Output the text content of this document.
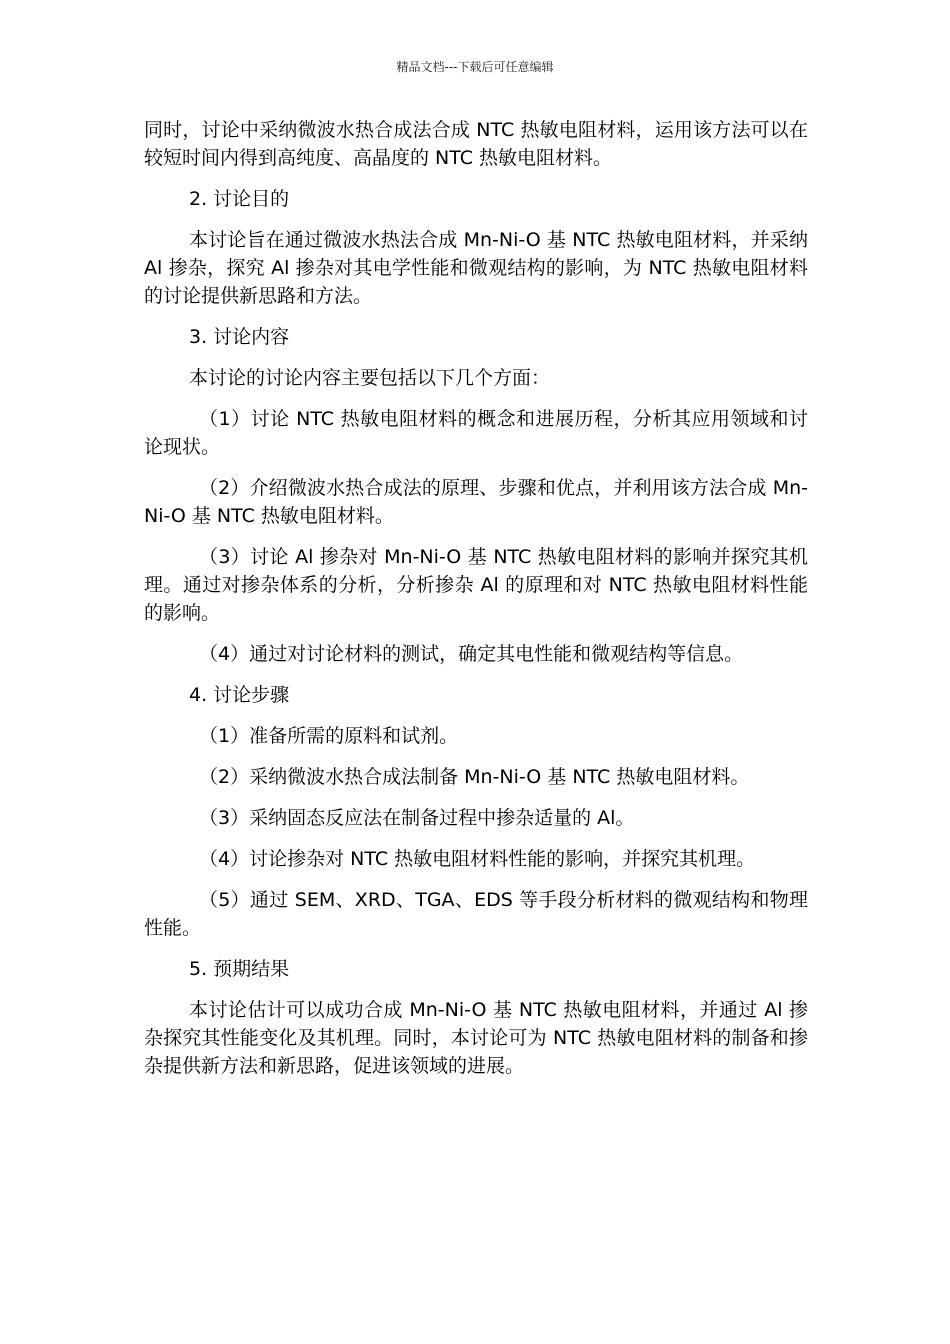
精品文档---下载后可任意编辑

同时，讨论中采纳微波水热合成法合成 NTC 热敏电阻材料，运用该方法可以在较短时间内得到高纯度、高晶度的 NTC 热敏电阻材料。

2. 讨论目的

本讨论旨在通过微波水热法合成 Mn-Ni-O 基 NTC 热敏电阻材料，并采纳 Al 掺杂，探究 Al 掺杂对其电学性能和微观结构的影响，为 NTC 热敏电阻材料的讨论提供新思路和方法。

3. 讨论内容

本讨论的讨论内容主要包括以下几个方面：

（1）讨论 NTC 热敏电阻材料的概念和进展历程，分析其应用领域和讨论现状。

（2）介绍微波水热合成法的原理、步骤和优点，并利用该方法合成 Mn-Ni-O 基 NTC 热敏电阻材料。

（3）讨论 Al 掺杂对 Mn-Ni-O 基 NTC 热敏电阻材料的影响并探究其机理。通过对掺杂体系的分析，分析掺杂 Al 的原理和对 NTC 热敏电阻材料性能的影响。

（4）通过对讨论材料的测试，确定其电性能和微观结构等信息。

4. 讨论步骤

（1）准备所需的原料和试剂。

（2）采纳微波水热合成法制备 Mn-Ni-O 基 NTC 热敏电阻材料。

（3）采纳固态反应法在制备过程中掺杂适量的 Al。

（4）讨论掺杂对 NTC 热敏电阻材料性能的影响，并探究其机理。

（5）通过 SEM、XRD、TGA、EDS 等手段分析材料的微观结构和物理性能。

5. 预期结果

本讨论估计可以成功合成 Mn-Ni-O 基 NTC 热敏电阻材料，并通过 Al 掺杂探究其性能变化及其机理。同时，本讨论可为 NTC 热敏电阻材料的制备和掺杂提供新方法和新思路，促进该领域的进展。
